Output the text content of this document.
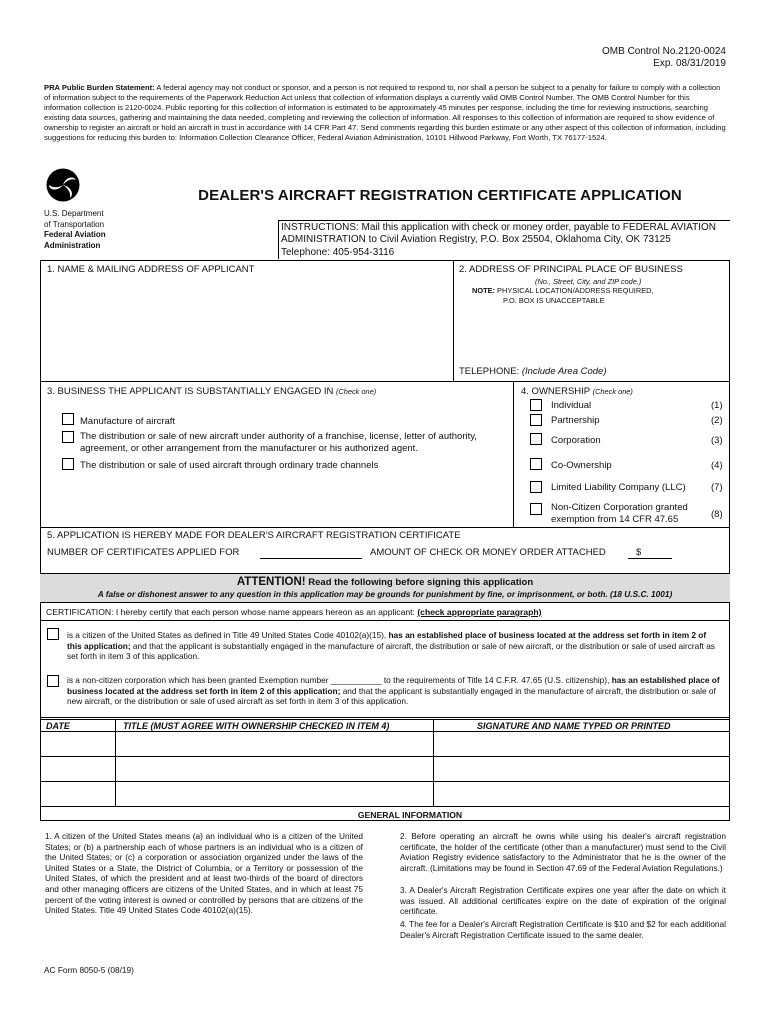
OMB Control No.2120-0024
Exp. 08/31/2019
PRA Public Burden Statement: A federal agency may not conduct or sponsor, and a person is not required to respond to, nor shall a person be subject to a penalty for failure to comply with a collection of information subject to the requirements of the Paperwork Reduction Act unless that collection of information displays a currently valid OMB Control Number. The OMB Control Number for this information collection is 2120-0024. Public reporting for this collection of information is estimated to be approximately 45 minutes per response, including the time for reviewing instructions, searching existing data sources, gathering and maintaining the data needed, completing and reviewing the collection of information. All responses to this collection of information are required to show evidence of ownership to register an aircraft or hold an aircraft in trust in accordance with 14 CFR Part 47. Send comments regarding this burden estimate or any other aspect of this collection of information, including suggestions for reducing this burden to: Information Collection Clearance Officer, Federal Aviation Administration, 10101 Hillwood Parkway, Fort Worth, TX 76177-1524.
U.S. Department
of Transportation
Federal Aviation
Administration
DEALER'S AIRCRAFT REGISTRATION CERTIFICATE APPLICATION
INSTRUCTIONS: Mail this application with check or money order, payable to FEDERAL AVIATION
ADMINISTRATION to Civil Aviation Registry, P.O. Box 25504, Oklahoma City, OK 73125
Telephone: 405-954-3116
1. NAME & MAILING ADDRESS OF APPLICANT	2. ADDRESS OF PRINCIPAL PLACE OF BUSINESS
(No., Street, City, and ZIP code.)
NOTE: PHYSICAL LOCATION/ADDRESS REQUIRED,
P.O. BOX IS UNACCEPTABLE
TELEPHONE: (Include Area Code)
3. BUSINESS THE APPLICANT IS SUBSTANTIALLY ENGAGED IN (Check one)
Manufacture of aircraft
The distribution or sale of new aircraft under authority of a franchise, license, letter of authority,
agreement, or other arrangement from the manufacturer or his authorized agent.
The distribution or sale of used aircraft through ordinary trade channels
4. OWNERSHIP (Check one)
Individual	(1)
Partnership	(2)
Corporation	(3)
Co-Ownership	(4)
Limited Liability Company (LLC)	(7)
Non-Citizen Corporation granted
exemption from 14 CFR 47.65	(8)
5. APPLICATION IS HEREBY MADE FOR DEALER'S AIRCRAFT REGISTRATION CERTIFICATE
NUMBER OF CERTIFICATES APPLIED FOR	AMOUNT OF CHECK OR MONEY ORDER ATTACHED	$
ATTENTION! Read the following before signing this application
A false or dishonest answer to any question in this application may be grounds for punishment by fine, or imprisonment, or both. (18 U.S.C. 1001)
CERTIFICATION: I hereby certify that each person whose name appears hereon as an applicant: (check appropriate paragraph)
is a citizen of the United States as defined in Title 49 United States Code 40102(a)(15), has an established place of business located at the address set forth in item 2 of this application; and that the applicant is substantially engaged in the manufacture of aircraft, the distribution or sale of new aircraft, or the distribution or sale of used aircraft as set forth in item 3 of this application.
is a non-citizen corporation which has been granted Exemption number ___________ to the requirements of Title 14 C.F.R. 47.65 (U.S. citizenship), has an established place of business located at the address set forth in item 2 of this application; and that the applicant is substantially engaged in the manufacture of aircraft, the distribution or sale of new aircraft, or the distribution or sale of used aircraft as set forth in item 3 of this application.
DATE	TITLE (MUST AGREE WITH OWNERSHIP CHECKED IN ITEM 4)	SIGNATURE AND NAME TYPED OR PRINTED
GENERAL INFORMATION
1. A citizen of the United States means (a) an individual who is a citizen of the United States; or (b) a partnership each of whose partners is an individual who is a citizen of the United States; or (c) a corporation or association organized under the laws of the United States or a State, the District of Columbia, or a Territory or possession of the United States, of which the president and at least two-thirds of the board of directors and other managing officers are citizens of the United States, and in which at least 75 percent of the voting interest is owned or controlled by persons that are citizens of the United States. Title 49 United States Code 40102(a)(15).
2. Before operating an aircraft he owns while using his dealer's aircraft registration certificate, the holder of the certificate (other than a manufacturer) must send to the Civil Aviation Registry evidence satisfactory to the Administrator that he is the owner of the aircraft. (Limitations may be found in Section 47.69 of the Federal Aviation Regulations.)
3. A Dealer's Aircraft Registration Certificate expires one year after the date on which it was issued. All additional certificates expire on the date of expiration of the original certificate.
4. The fee for a Dealer's Aircraft Registration Certificate is $10 and $2 for each additional Dealer's Aircraft Registration Certificate issued to the same dealer.
AC Form 8050-5 (08/19)
